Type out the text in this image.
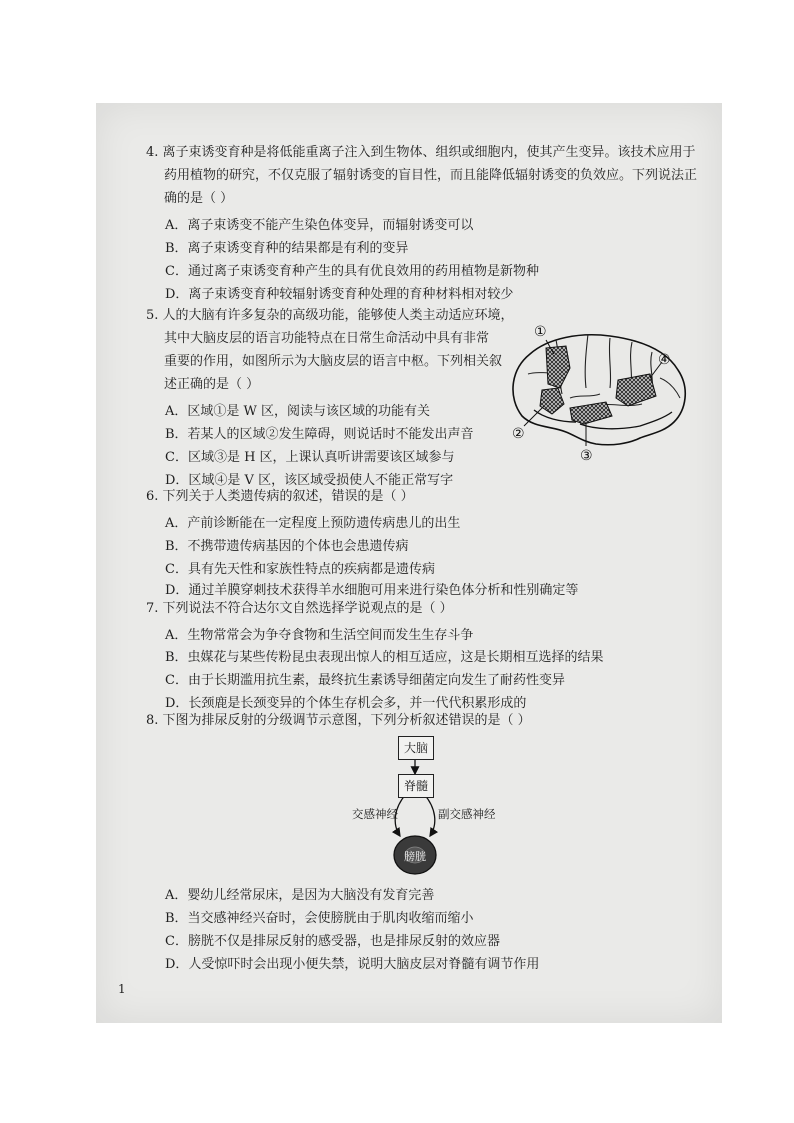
4. 离子束诱变育种是将低能重离子注入到生物体、组织或细胞内，使其产生变异。该技术应用于
药用植物的研究，不仅克服了辐射诱变的盲目性，而且能降低辐射诱变的负效应。下列说法正
确的是（ ）
A．离子束诱变不能产生染色体变异，而辐射诱变可以
B．离子束诱变育种的结果都是有利的变异
C．通过离子束诱变育种产生的具有优良效用的药用植物是新物种
D．离子束诱变育种较辐射诱变育种处理的育种材料相对较少
5. 人的大脑有许多复杂的高级功能，能够使人类主动适应环境，
其中大脑皮层的语言功能特点在日常生命活动中具有非常
重要的作用，如图所示为大脑皮层的语言中枢。下列相关叙
述正确的是（ ）
A．区域①是 W 区，阅读与该区域的功能有关
B．若某人的区域②发生障碍，则说话时不能发出声音
C．区域③是 H 区，上课认真听讲需要该区域参与
D．区域④是 V 区，该区域受损使人不能正常写字
①
②
③
④
6. 下列关于人类遗传病的叙述，错误的是（ ）
A．产前诊断能在一定程度上预防遗传病患儿的出生
B．不携带遗传病基因的个体也会患遗传病
C．具有先天性和家族性特点的疾病都是遗传病
D．通过羊膜穿刺技术获得羊水细胞可用来进行染色体分析和性别确定等
7. 下列说法不符合达尔文自然选择学说观点的是（ ）
A．生物常常会为争夺食物和生活空间而发生生存斗争
B．虫媒花与某些传粉昆虫表现出惊人的相互适应，这是长期相互选择的结果
C．由于长期滥用抗生素，最终抗生素诱导细菌定向发生了耐药性变异
D．长颈鹿是长颈变异的个体生存机会多，并一代代积累形成的
8. 下图为排尿反射的分级调节示意图，下列分析叙述错误的是（ ）
大脑
脊髓
交感神经	副交感神经
膀胱
A．婴幼儿经常尿床，是因为大脑没有发育完善
B．当交感神经兴奋时，会使膀胱由于肌肉收缩而缩小
C．膀胱不仅是排尿反射的感受器，也是排尿反射的效应器
D．人受惊吓时会出现小便失禁，说明大脑皮层对脊髓有调节作用
1
